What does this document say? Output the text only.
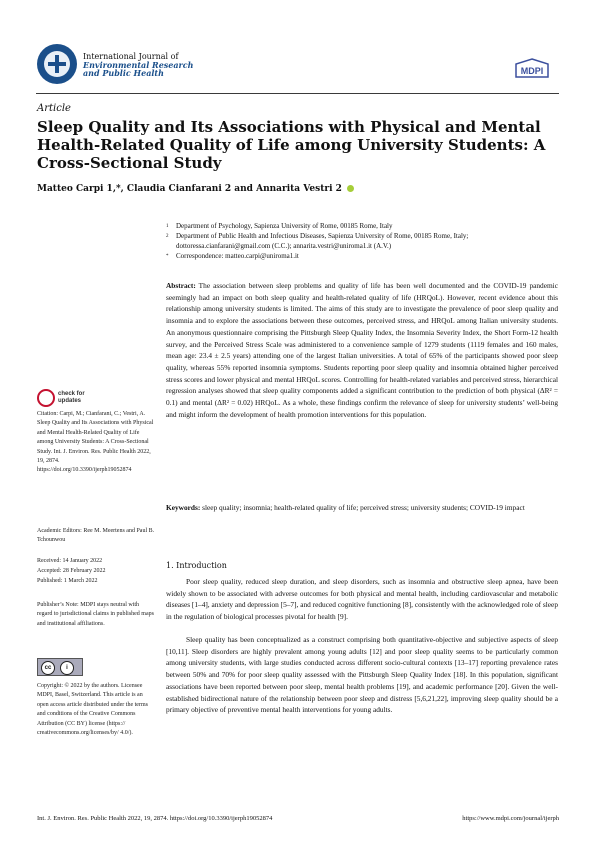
International Journal of
Environmental Research
and Public Health	MDPI
Article
Sleep Quality and Its Associations with Physical and Mental Health-Related Quality of Life among University Students: A Cross-Sectional Study
Matteo Carpi 1,*, Claudia Cianfarani 2 and Annarita Vestri 2
$^1$ Department of Psychology, Sapienza University of Rome, 00185 Rome, Italy
$^2$ Department of Public Health and Infectious Diseases, Sapienza University of Rome, 00185 Rome, Italy;
dottoressa.cianfarani@gmail.com (C.C.); annarita.vestri@uniroma1.it (A.V.)
* Correspondence: matteo.carpi@uniroma1.it
Abstract: The association between sleep problems and quality of life has been well documented and the COVID-19 pandemic seemingly had an impact on both sleep quality and health-related quality of life (HRQoL). However, recent evidence about this relationship among university students is limited. The aims of this study are to investigate the prevalence of poor sleep quality and insomnia and to explore the associations between these outcomes, perceived stress, and HRQoL among Italian university students. An anonymous questionnaire comprising the Pittsburgh Sleep Quality Index, the Insomnia Severity Index, the Short Form-12 health survey, and the Perceived Stress Scale was administered to a convenience sample of 1279 students (1119 females and 160 males, mean age: 23.4 ± 2.5 years) attending one of the largest Italian universities. A total of 65% of the participants showed poor sleep quality, whereas 55% reported insomnia symptoms. Students reporting poor sleep quality and insomnia obtained higher perceived stress scores and lower physical and mental HRQoL scores. Controlling for health-related variables and perceived stress, hierarchical regression analyses showed that sleep quality components added a significant contribution to the prediction of both physical (ΔR² = 0.1) and mental (ΔR² = 0.02) HRQoL. As a whole, these findings confirm the relevance of sleep for university students’ well-being and might inform the development of health promotion interventions for this population.
Keywords: sleep quality; insomnia; health-related quality of life; perceived stress; university students; COVID-19 impact
1. Introduction
Poor sleep quality, reduced sleep duration, and sleep disorders, such as insomnia and obstructive sleep apnea, have been widely shown to be associated with adverse outcomes for both physical and mental health, including cardiovascular and metabolic diseases [1–4], anxiety and depression [5–7], and reduced cognitive functioning [8], consistently with the acknowledged role of sleep in the regulation of biological processes pivotal for health [9].
Sleep quality has been conceptualized as a construct comprising both quantitative-objective and subjective aspects of sleep [10,11]. Sleep disorders are highly prevalent among young adults [12] and poor sleep quality seems to be particularly common among university students, with large studies conducted across different socio-cultural contexts [13–17] reporting prevalence rates between 50% and 70% for poor sleep quality assessed with the Pittsburgh Sleep Quality Index [18]. In this population, significant associations have been reported between poor sleep, mental health problems [19], and academic performance [20]. Given the well-established bidirectional nature of the relationship between poor sleep and distress [5,6,21,22], improving sleep quality should be a primary objective of preventive mental health interventions for young adults.
check for
updates
Citation: Carpi, M.; Cianfarani, C.; Vestri, A. Sleep Quality and Its Associations with Physical and Mental Health-Related Quality of Life among University Students: A Cross-Sectional Study. Int. J. Environ. Res. Public Health 2022, 19, 2874. https://doi.org/10.3390/ijerph19052874
Academic Editors: Ree M. Meertens and Paul B. Tchounwou
Received: 14 January 2022
Accepted: 28 February 2022
Published: 1 March 2022
Publisher’s Note: MDPI stays neutral with regard to jurisdictional claims in published maps and institutional affiliations.
cc	i
Copyright: © 2022 by the authors. Licensee MDPI, Basel, Switzerland. This article is an open access article distributed under the terms and conditions of the Creative Commons Attribution (CC BY) license (https:// creativecommons.org/licenses/by/ 4.0/).
Int. J. Environ. Res. Public Health 2022, 19, 2874. https://doi.org/10.3390/ijerph19052874	https://www.mdpi.com/journal/ijerph
